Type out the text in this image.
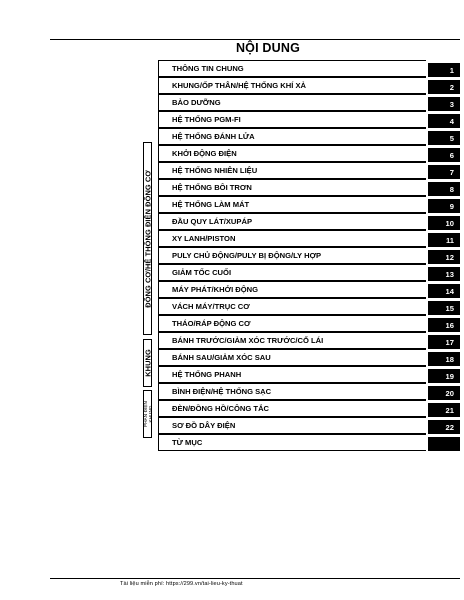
NỘI DUNG
ĐỘNG CƠ/HỆ THỐNG ĐIỆN ĐỘNG CƠ
KHUNG
PHẦN ĐIỆN KHUNG
THÔNG TIN CHUNG	1
KHUNG/ỐP THÂN/HỆ THỐNG KHÍ XẢ	2
BẢO DƯỠNG	3
HỆ THỐNG PGM-FI	4
HỆ THỐNG ĐÁNH LỬA	5
KHỞI ĐỘNG ĐIỆN	6
HỆ THỐNG NHIÊN LIỆU	7
HỆ THỐNG BÔI TRƠN	8
HỆ THỐNG LÀM MÁT	9
ĐẦU QUY LÁT/XUPÁP	10
XY LANH/PISTON	11
PULY CHỦ ĐỘNG/PULY BỊ ĐỘNG/LY HỢP	12
GIẢM TỐC CUỐI	13
MÁY PHÁT/KHỞI ĐỘNG	14
VÁCH MÁY/TRỤC CƠ	15
THÁO/RÁP ĐỘNG CƠ	16
BÁNH TRƯỚC/GIẢM XÓC TRƯỚC/CỔ LÁI	17
BÁNH SAU/GIẢM XÓC SAU	18
HỆ THỐNG PHANH	19
BÌNH ĐIỆN/HỆ THỐNG SẠC	20
ĐÈN/ĐỒNG HỒ/CÔNG TẮC	21
SƠ ĐỒ DÂY ĐIỆN	22
TỪ MỤC
Tài liệu miễn phí: https://299.vn/tai-lieu-ky-thuat
